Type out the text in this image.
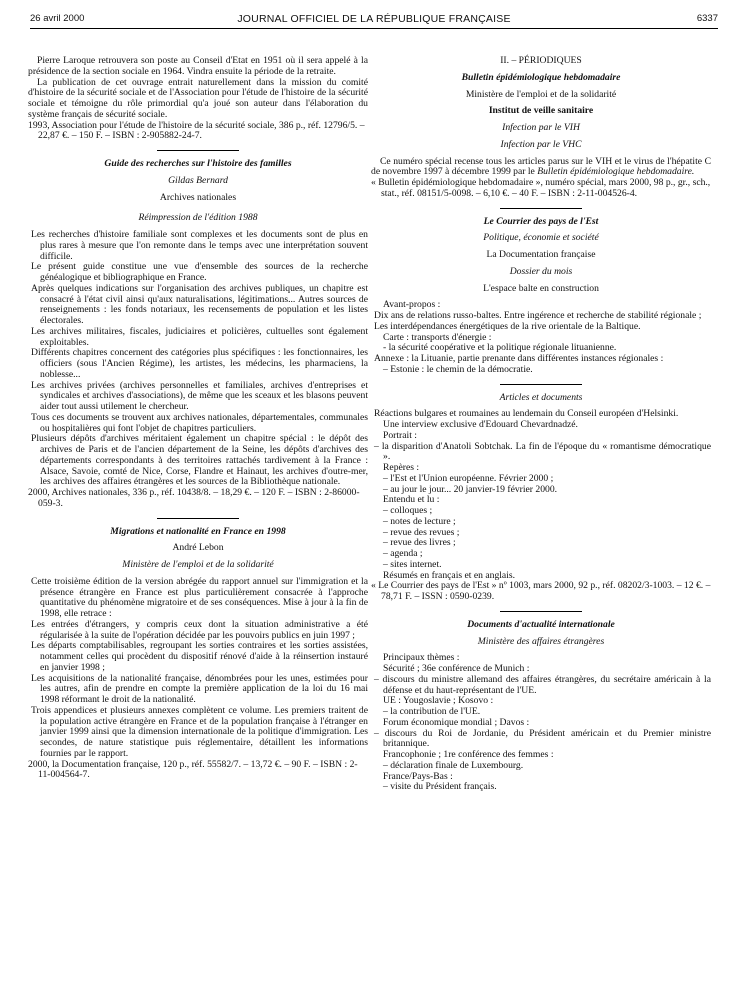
26 avril 2000	JOURNAL OFFICIEL DE LA RÉPUBLIQUE FRANÇAISE	6337
Pierre Laroque retrouvera son poste au Conseil d'Etat en 1951 où il sera appelé à la présidence de la section sociale en 1964. Vindra ensuite la période de la retraite.
La publication de cet ouvrage entrait naturellement dans la mission du comité d'histoire de la sécurité sociale et de l'Association pour l'étude de l'histoire de la sécurité sociale et témoigne du rôle primordial qu'a joué son auteur dans l'élaboration du système français de sécurité sociale.
1993, Association pour l'étude de l'histoire de la sécurité sociale, 386 p., réf. 12796/5. – 22,87 €. – 150 F. – ISBN : 2-905882-24-7.
Guide des recherches sur l'histoire des familles
Gildas Bernard
Archives nationales
Réimpression de l'édition 1988
Les recherches d'histoire familiale sont complexes et les documents sont de plus en plus rares à mesure que l'on remonte dans le temps avec une interprétation souvent difficile.
Le présent guide constitue une vue d'ensemble des sources de la recherche généalogique et bibliographique en France.
Après quelques indications sur l'organisation des archives publiques, un chapitre est consacré à l'état civil ainsi qu'aux naturalisations, légitimations... Autres sources de renseignements : les fonds notariaux, les recensements de population et les listes électorales.
Les archives militaires, fiscales, judiciaires et policières, cultuelles sont également exploitables.
Différents chapitres concernent des catégories plus spécifiques : les fonctionnaires, les officiers (sous l'Ancien Régime), les artistes, les médecins, les pharmaciens, la noblesse...
Les archives privées (archives personnelles et familiales, archives d'entreprises et syndicales et archives d'associations), de même que les sceaux et les blasons peuvent aider tout aussi utilement le chercheur.
Tous ces documents se trouvent aux archives nationales, départementales, communales ou hospitalières qui font l'objet de chapitres particuliers.
Plusieurs dépôts d'archives méritaient également un chapitre spécial : le dépôt des archives de Paris et de l'ancien département de la Seine, les dépôts d'archives des départements correspondants à des territoires rattachés tardivement à la France : Alsace, Savoie, comté de Nice, Corse, Flandre et Hainaut, les archives d'outre-mer, les archives des affaires étrangères et les sources de la Bibliothèque nationale.
2000, Archives nationales, 336 p., réf. 10438/8. – 18,29 €. – 120 F. – ISBN : 2-86000-059-3.
Migrations et nationalité en France en 1998
André Lebon
Ministère de l'emploi et de la solidarité
Cette troisième édition de la version abrégée du rapport annuel sur l'immigration et la présence étrangère en France est plus particulièrement consacrée à l'approche quantitative du phénomène migratoire et de ses conséquences. Mise à jour à la fin de 1998, elle retrace :
Les entrées d'étrangers, y compris ceux dont la situation administrative a été régularisée à la suite de l'opération décidée par les pouvoirs publics en juin 1997 ;
Les départs comptabilisables, regroupant les sorties contraires et les sorties assistées, notamment celles qui procèdent du dispositif rénové d'aide à la réinsertion instauré en janvier 1998 ;
Les acquisitions de la nationalité française, dénombrées pour les unes, estimées pour les autres, afin de prendre en compte la première application de la loi du 16 mai 1998 réformant le droit de la nationalité.
Trois appendices et plusieurs annexes complètent ce volume. Les premiers traitent de la population active étrangère en France et de la population française à l'étranger en janvier 1999 ainsi que la dimension internationale de la politique d'immigration. Les secondes, de nature statistique puis réglementaire, détaillent les informations fournies par le rapport.
2000, la Documentation française, 120 p., réf. 55582/7. – 13,72 €. – 90 F. – ISBN : 2-11-004564-7.
II. – PÉRIODIQUES
Bulletin épidémiologique hebdomadaire
Ministère de l'emploi et de la solidarité
Institut de veille sanitaire
Infection par le VIH
Infection par le VHC
Ce numéro spécial recense tous les articles parus sur le VIH et le virus de l'hépatite C de novembre 1997 à décembre 1999 par le Bulletin épidémiologique hebdomadaire.
« Bulletin épidémiologique hebdomadaire », numéro spécial, mars 2000, 98 p., gr., sch., stat., réf. 08151/5-0098. – 6,10 €. – 40 F. – ISBN : 2-11-004526-4.
Le Courrier des pays de l'Est
Politique, économie et société
La Documentation française
Dossier du mois
L'espace balte en construction
Avant-propos :
Dix ans de relations russo-baltes. Entre ingérence et recherche de stabilité régionale ;
Les interdépendances énergétiques de la rive orientale de la Baltique.
Carte : transports d'énergie :
- la sécurité coopérative et la politique régionale lituanienne.
Annexe : la Lituanie, partie prenante dans différentes instances régionales :
– Estonie : le chemin de la démocratie.
Articles et documents
Réactions bulgares et roumaines au lendemain du Conseil européen d'Helsinki.
Une interview exclusive d'Edouard Chevardnadzé.
Portrait :
– la disparition d'Anatoli Sobtchak. La fin de l'époque du « romantisme démocratique ».
Repères :
– l'Est et l'Union européenne. Février 2000 ;
– au jour le jour... 20 janvier-19 février 2000.
Entendu et lu :
– colloques ;
– notes de lecture ;
– revue des revues ;
– revue des livres ;
– agenda ;
– sites internet.
Résumés en français et en anglais.
« Le Courrier des pays de l'Est » nº 1003, mars 2000, 92 p., réf. 08202/3-1003. – 12 €. – 78,71 F. – ISSN : 0590-0239.
Documents d'actualité internationale
Ministère des affaires étrangères
Principaux thèmes :
Sécurité ; 36e conférence de Munich :
– discours du ministre allemand des affaires étrangères, du secrétaire américain à la défense et du haut-représentant de l'UE.
UE : Yougoslavie ; Kosovo :
– la contribution de l'UE.
Forum économique mondial ; Davos :
– discours du Roi de Jordanie, du Président américain et du Premier ministre britannique.
Francophonie ; 1re conférence des femmes :
– déclaration finale de Luxembourg.
France/Pays-Bas :
– visite du Président français.
